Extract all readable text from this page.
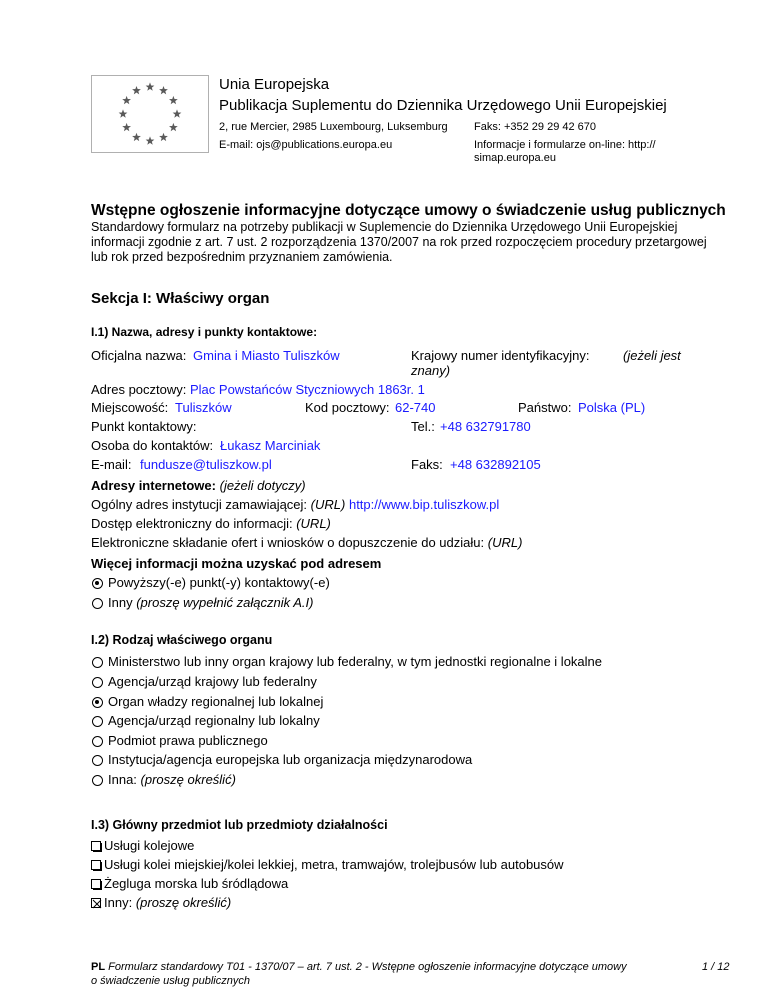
Unia Europejska
Publikacja Suplementu do Dziennika Urzędowego Unii Europejskiej
2, rue Mercier, 2985 Luxembourg, Luksemburg Faks: +352 29 29 42 670
E-mail: ojs@publications.europa.eu	Informacje i formularze on-line: http://
simap.europa.eu
Wstępne ogłoszenie informacyjne dotyczące umowy o świadczenie usług publicznych
Standardowy formularz na potrzeby publikacji w Suplemencie do Dziennika Urzędowego Unii Europejskiej
informacji zgodnie z art. 7 ust. 2 rozporządzenia 1370/2007 na rok przed rozpoczęciem procedury przetargowej
lub rok przed bezpośrednim przyznaniem zamówienia.
Sekcja I: Właściwy organ
I.1) Nazwa, adresy i punkty kontaktowe:
Oficjalna nazwa: Gmina i Miasto Tuliszków	Krajowy numer identyfikacyjny:	(jeżeli jest
znany)
Adres pocztowy: Plac Powstańców Styczniowych 1863r. 1
Miejscowość: Tuliszków	Kod pocztowy: 62-740	Państwo: Polska (PL)
Punkt kontaktowy:	Tel.: +48 632791780
Osoba do kontaktów: Łukasz Marciniak
E-mail: fundusze@tuliszkow.pl	Faks: +48 632892105
Adresy internetowe: (jeżeli dotyczy)
Ogólny adres instytucji zamawiającej: (URL) http://www.bip.tuliszkow.pl
Dostęp elektroniczny do informacji: (URL)
Elektroniczne składanie ofert i wniosków o dopuszczenie do udziału: (URL)
Więcej informacji można uzyskać pod adresem
Powyższy(-e) punkt(-y) kontaktowy(-e)
Inny (proszę wypełnić załącznik A.I)
I.2) Rodzaj właściwego organu
Ministerstwo lub inny organ krajowy lub federalny, w tym jednostki regionalne i lokalne
Agencja/urząd krajowy lub federalny
Organ władzy regionalnej lub lokalnej
Agencja/urząd regionalny lub lokalny
Podmiot prawa publicznego
Instytucja/agencja europejska lub organizacja międzynarodowa
Inna: (proszę określić)
I.3) Główny przedmiot lub przedmioty działalności
Usługi kolejowe
Usługi kolei miejskiej/kolei lekkiej, metra, tramwajów, trolejbusów lub autobusów
Żegluga morska lub śródlądowa
Inny: (proszę określić)
PL Formularz standardowy T01 - 1370/07 – art. 7 ust. 2 - Wstępne ogłoszenie informacyjne dotyczące umowy
o świadczenie usług publicznych
1 / 12
